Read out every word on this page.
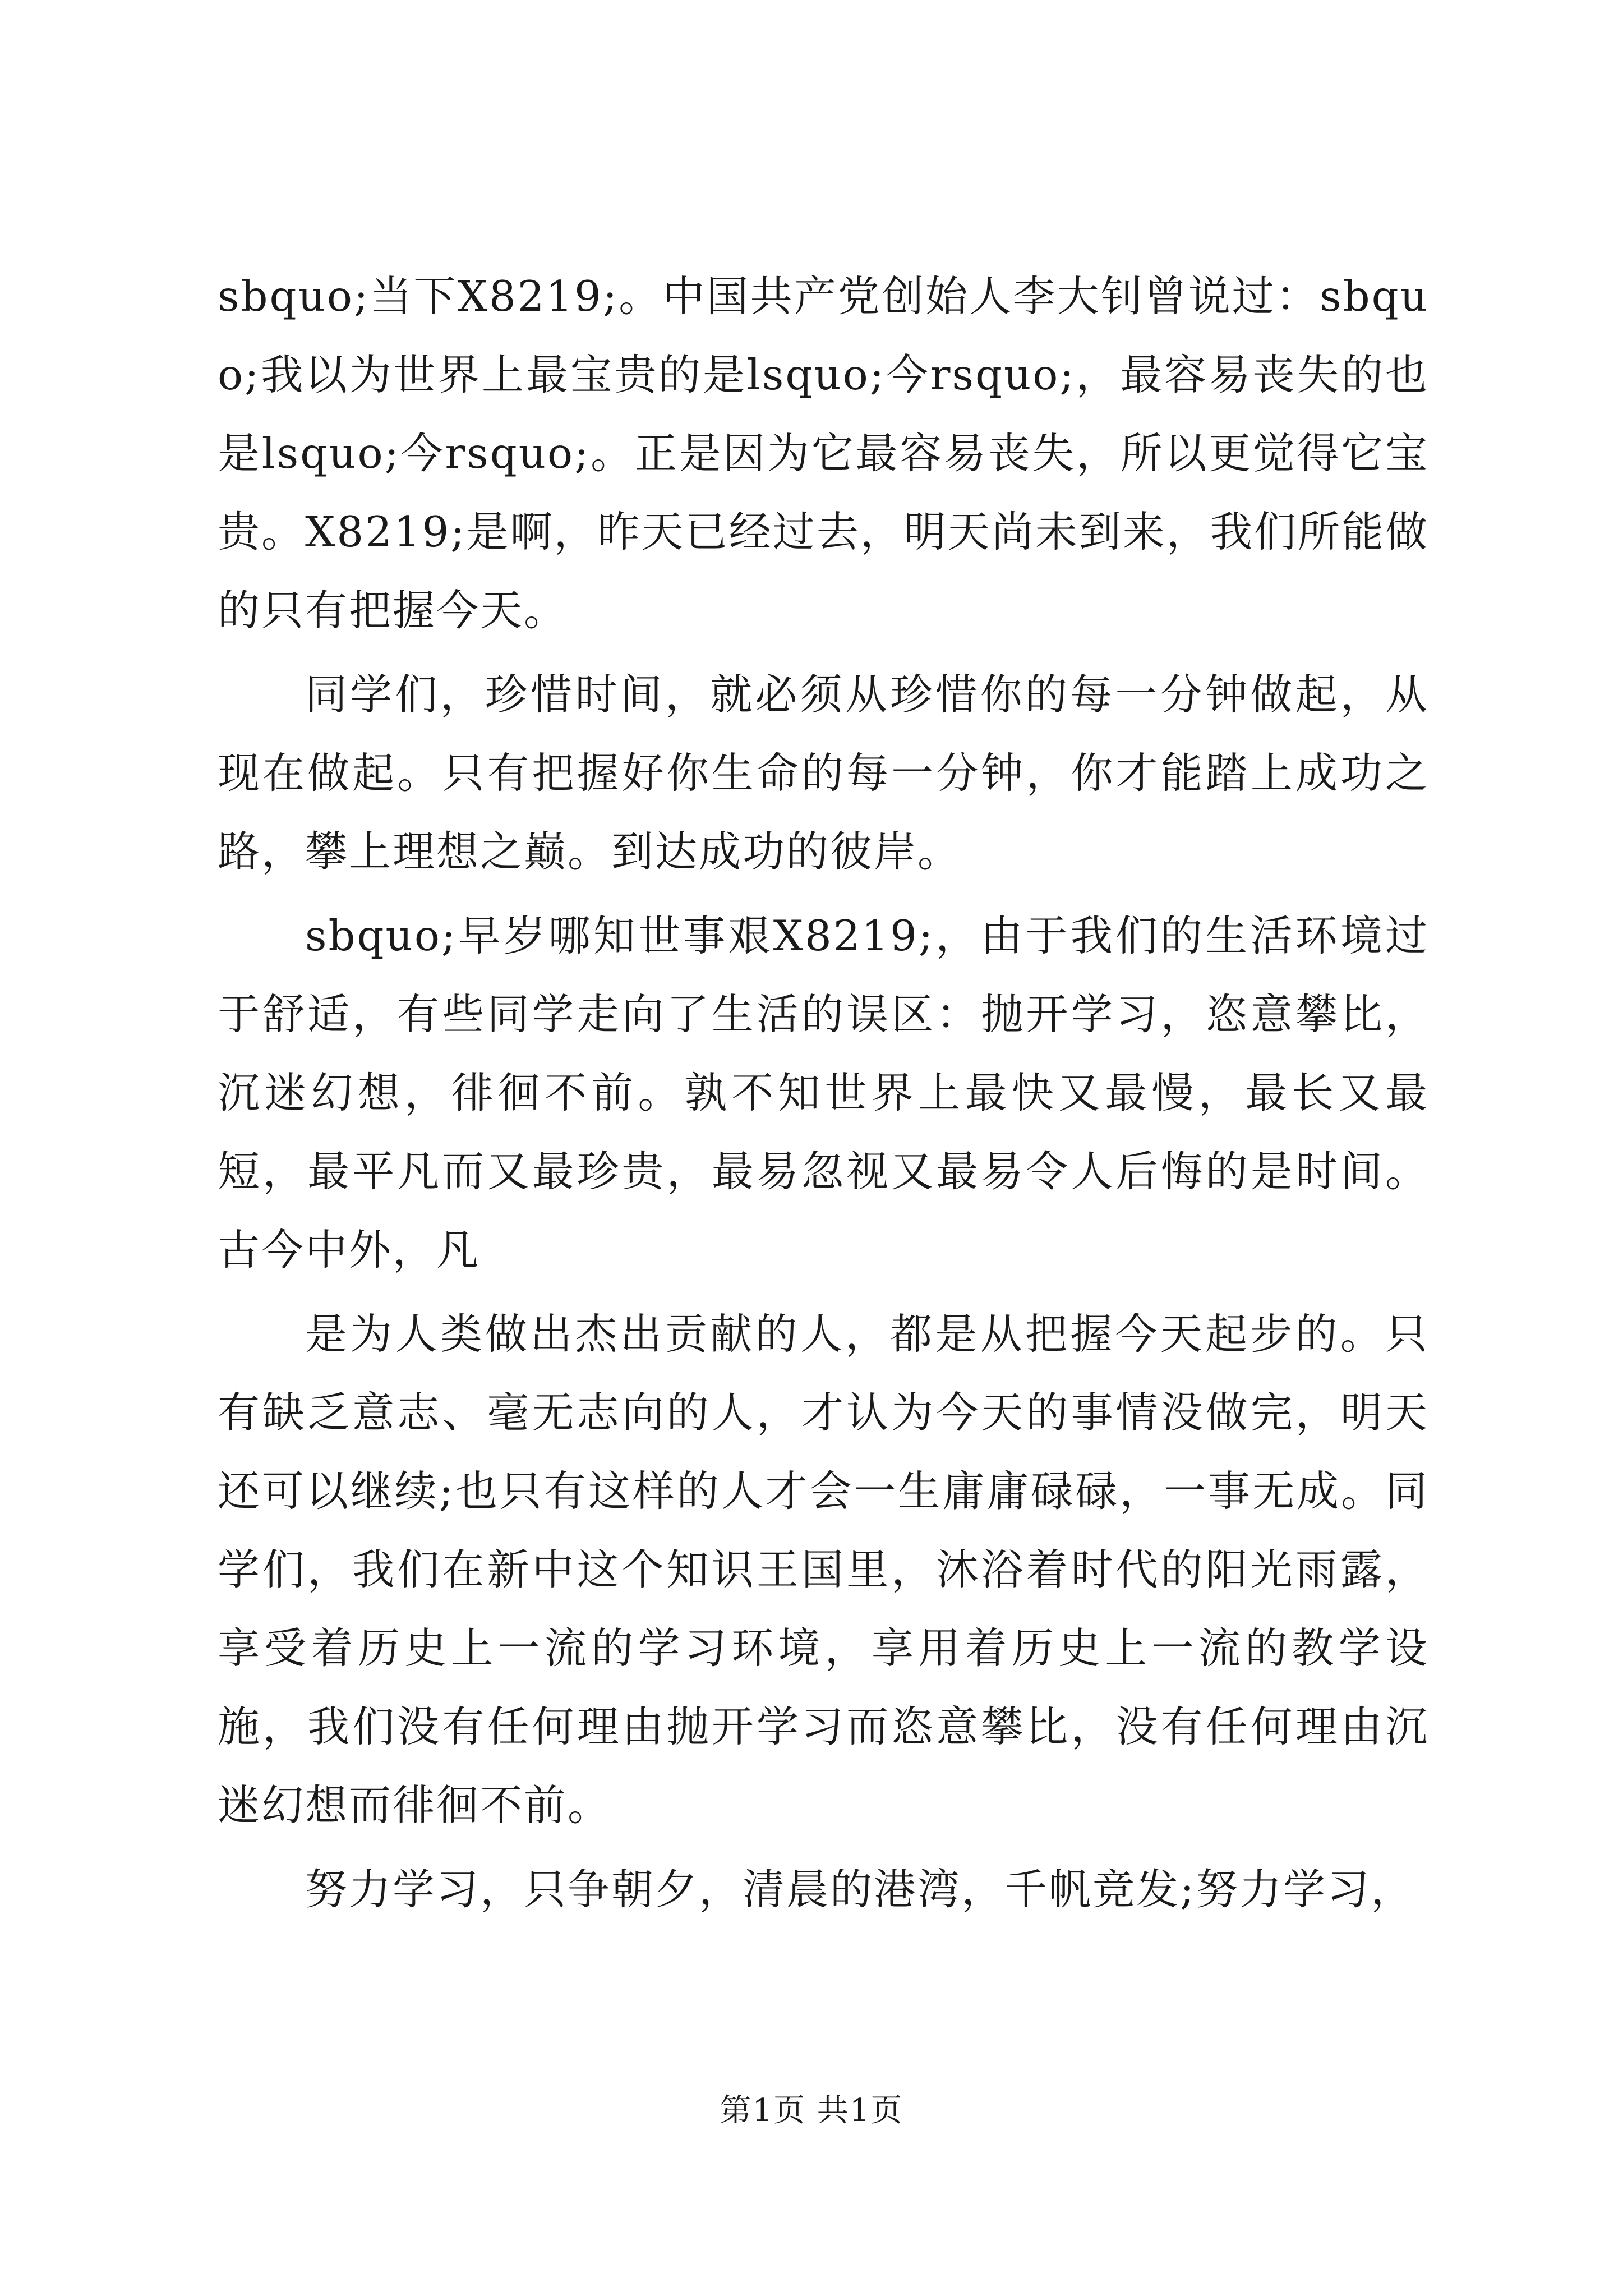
sbquo;当下X8219;。中国共产党创始人李大钊曾说过：sbquo;我以为世界上最宝贵的是lsquo;今rsquo;，最容易丧失的也是lsquo;今rsquo;。正是因为它最容易丧失，所以更觉得它宝贵。X8219;是啊，昨天已经过去，明天尚未到来，我们所能做的只有把握今天。

同学们，珍惜时间，就必须从珍惜你的每一分钟做起，从现在做起。只有把握好你生命的每一分钟，你才能踏上成功之路，攀上理想之巅。到达成功的彼岸。

sbquo;早岁哪知世事艰X8219;，由于我们的生活环境过于舒适，有些同学走向了生活的误区：抛开学习，恣意攀比，沉迷幻想，徘徊不前。孰不知世界上最快又最慢，最长又最短，最平凡而又最珍贵，最易忽视又最易令人后悔的是时间。古今中外，凡

是为人类做出杰出贡献的人，都是从把握今天起步的。只有缺乏意志、毫无志向的人，才认为今天的事情没做完，明天还可以继续;也只有这样的人才会一生庸庸碌碌，一事无成。同学们，我们在新中这个知识王国里，沐浴着时代的阳光雨露，享受着历史上一流的学习环境，享用着历史上一流的教学设施，我们没有任何理由抛开学习而恣意攀比，没有任何理由沉迷幻想而徘徊不前。

努力学习，只争朝夕，清晨的港湾，千帆竞发;努力学习，

第1页 共1页
